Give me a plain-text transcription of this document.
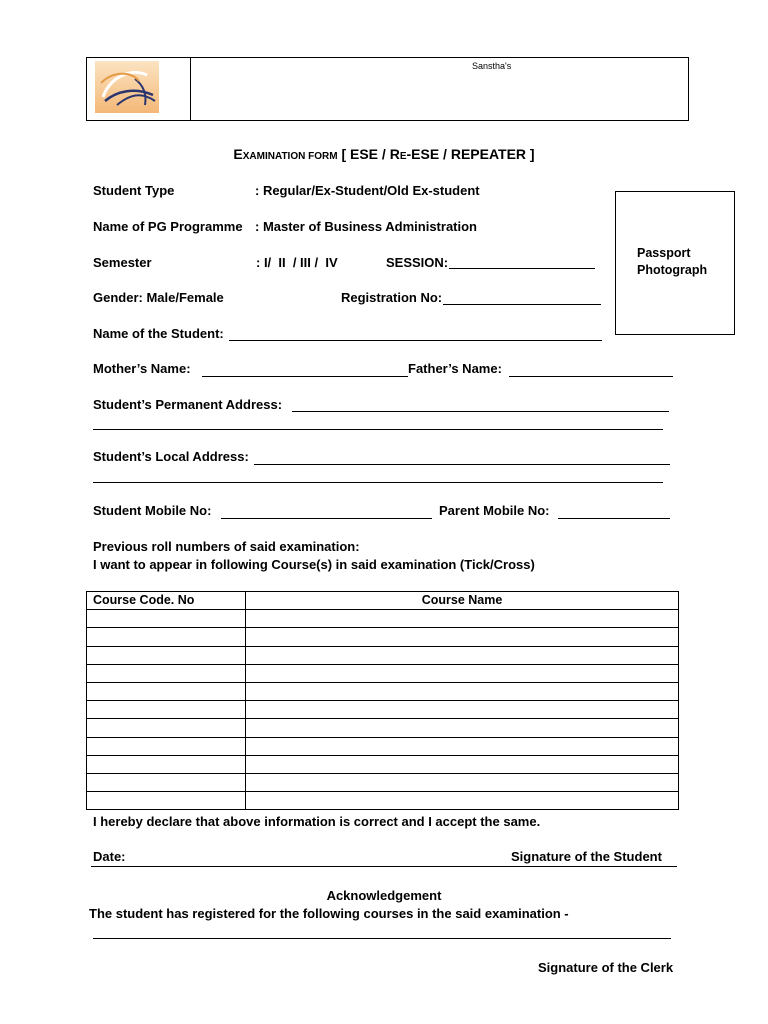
Sanstha's
EXAMINATION FORM [ ESE / RE-ESE / REPEATER ]
Passport
Photograph
Student Type	: Regular/Ex-Student/Old Ex-student
Name of PG Programme : Master of Business Administration
Semester	: I/  II  / III /  IV	SESSION:
Gender: Male/Female	Registration No:
Name of the Student:
Mother’s Name:	Father’s Name:
Student’s Permanent Address:
Student’s Local Address:
Student Mobile No:	Parent Mobile No:
Previous roll numbers of said examination:
I want to appear in following Course(s) in said examination (Tick/Cross)
Course Code. No	Course Name

I hereby declare that above information is correct and I accept the same.
Date:	Signature of the Student
Acknowledgement
The student has registered for the following courses in the said examination -
Signature of the Clerk
